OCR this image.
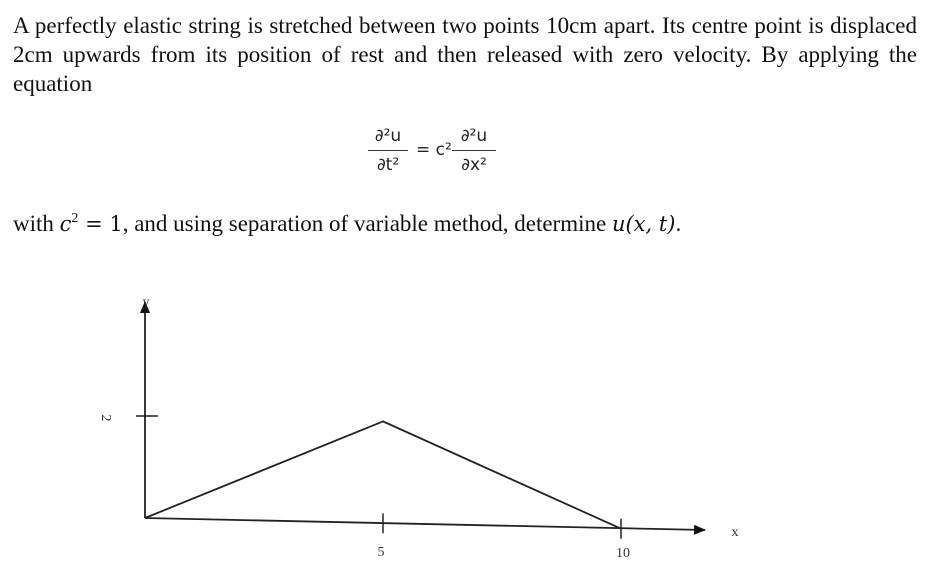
A perfectly elastic string is stretched between two points 10cm apart. Its centre point is displaced 2cm upwards from its position of rest and then released with zero velocity. By applying the equation
∂²u
∂t²
= c²
∂²u
∂x²
with $c^2 = 1$, and using separation of variable method, determine u(x, t).
y
x
2
5	10
